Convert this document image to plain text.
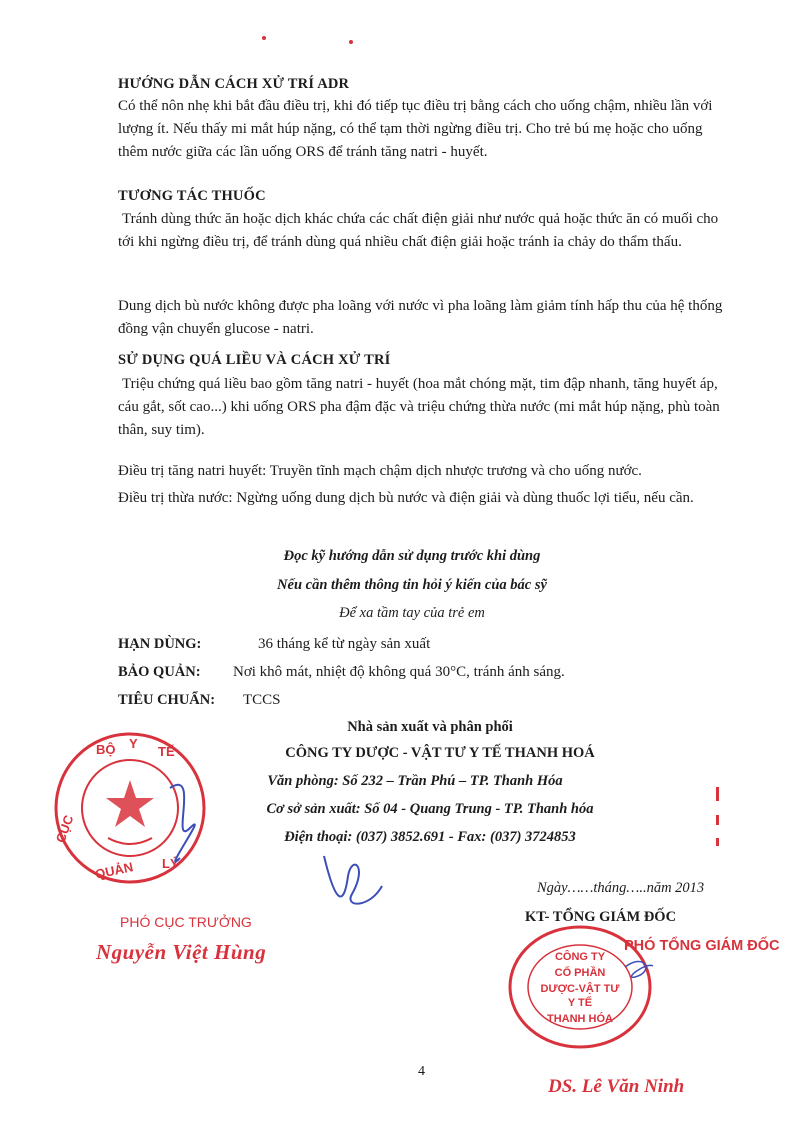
HƯỚNG DẪN CÁCH XỬ TRÍ ADR
Có thể nôn nhẹ khi bắt đầu điều trị, khi đó tiếp tục điều trị bằng cách cho uống chậm, nhiều lần với lượng ít. Nếu thấy mi mắt húp nặng, có thể tạm thời ngừng điều trị. Cho trẻ bú mẹ hoặc cho uống thêm nước giữa các lần uống ORS để tránh tăng natri - huyết.
TƯƠNG TÁC THUỐC
Tránh dùng thức ăn hoặc dịch khác chứa các chất điện giải như nước quả hoặc thức ăn có muối cho tới khi ngừng điều trị, để tránh dùng quá nhiều chất điện giải hoặc tránh ỉa chảy do thẩm thấu.
Dung dịch bù nước không được pha loãng với nước vì pha loãng làm giảm tính hấp thu của hệ thống đồng vận chuyển glucose - natri.
SỬ DỤNG QUÁ LIỀU VÀ CÁCH XỬ TRÍ
Triệu chứng quá liều bao gồm tăng natri - huyết (hoa mắt chóng mặt, tim đập nhanh, tăng huyết áp, cáu gắt, sốt cao...) khi uống ORS pha đậm đặc và triệu chứng thừa nước (mi mắt húp nặng, phù toàn thân, suy tim).
Điều trị tăng natri huyết: Truyền tĩnh mạch chậm dịch nhược trương và cho uống nước.
Điều trị thừa nước: Ngừng uống dung dịch bù nước và điện giải và dùng thuốc lợi tiểu, nếu cần.
Đọc kỹ hướng dẫn sử dụng trước khi dùng
Nếu cần thêm thông tin hỏi ý kiến của bác sỹ
Để xa tầm tay của trẻ em
HẠN DÙNG:	36 tháng kể từ ngày sản xuất
BẢO QUẢN: Nơi khô mát, nhiệt độ không quá 30°C, tránh ánh sáng.
TIÊU CHUẨN: TCCS
Nhà sản xuất và phân phối
CÔNG TY DƯỢC - VẬT TƯ Y TẾ THANH HOÁ
Văn phòng: Số 232 – Trần Phú – TP. Thanh Hóa
Cơ sở sản xuất: Số 04 - Quang Trung - TP. Thanh hóa
Điện thoại: (037) 3852.691 - Fax: (037) 3724853
BỘ Y
TẾ
CỤC
QUẢN LÝ
PHÓ CỤC TRƯỞNG
Nguyễn Việt Hùng
Ngày……tháng…..năm 2013
KT- TỔNG GIÁM ĐỐC
PHÓ TỔNG GIÁM ĐỐC
CÔNG TY
CỔ PHẦN
DƯỢC-VẬT TƯ
Y TẾ
THANH HÓA
4
DS. Lê Văn Ninh
